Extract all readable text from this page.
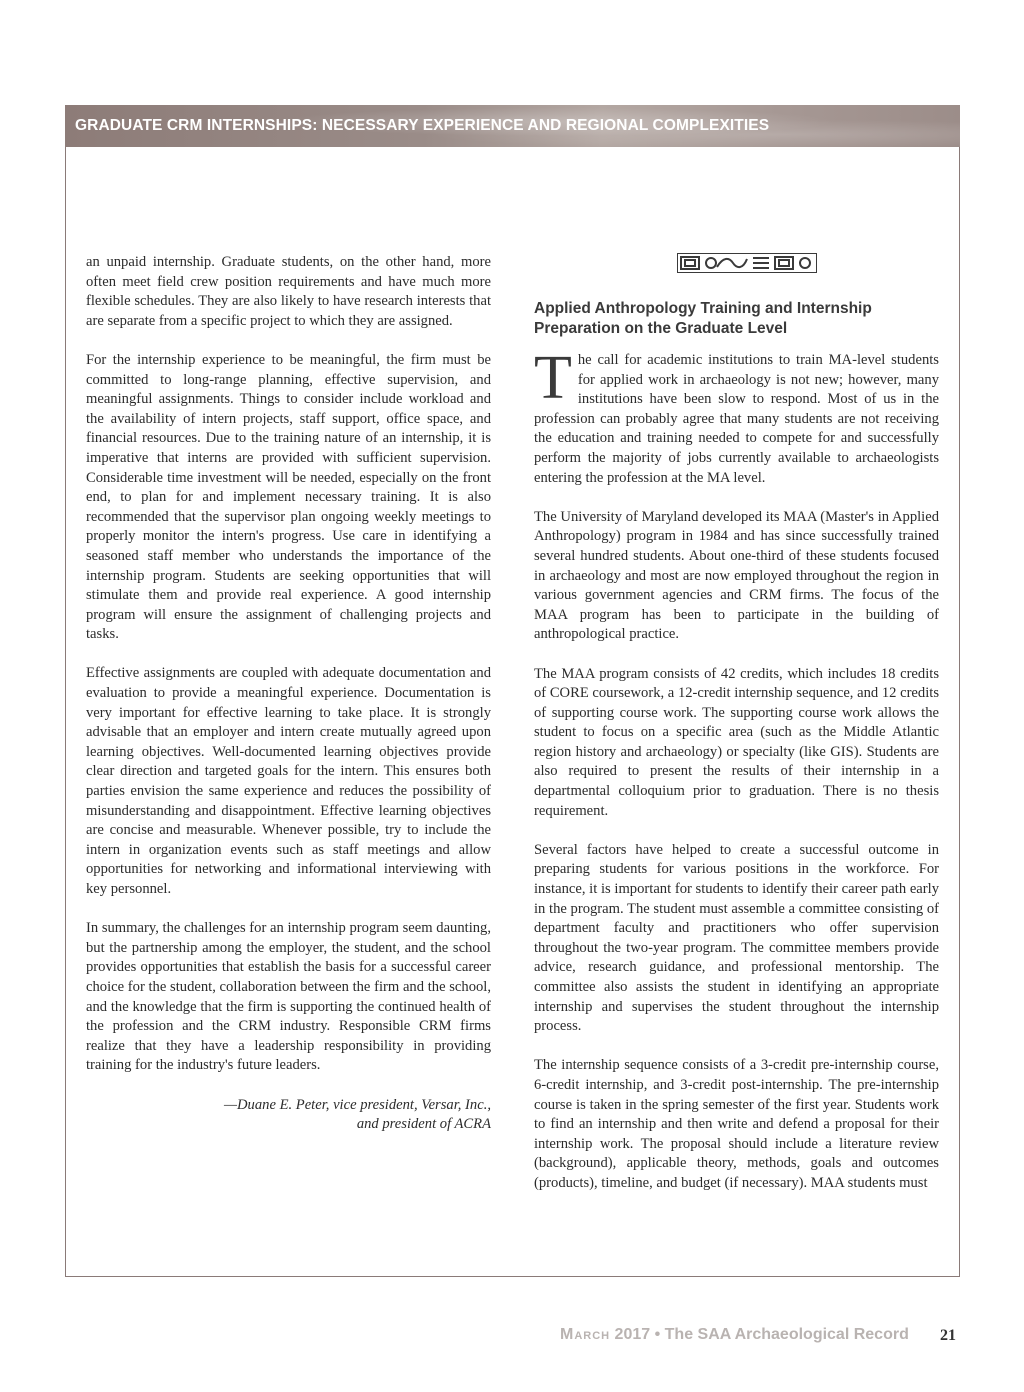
GRADUATE CRM INTERNSHIPS: NECESSARY EXPERIENCE AND REGIONAL COMPLEXITIES

an unpaid internship. Graduate students, on the other hand, more often meet field crew position requirements and have much more flexible schedules. They are also likely to have research interests that are separate from a specific project to which they are assigned.

For the internship experience to be meaningful, the firm must be committed to long-range planning, effective supervision, and meaningful assignments. Things to consider include workload and the availability of intern projects, staff support, office space, and financial resources. Due to the training nature of an internship, it is imperative that interns are provided with sufficient supervision. Considerable time investment will be needed, especially on the front end, to plan for and implement necessary training. It is also recommended that the supervisor plan ongoing weekly meetings to properly monitor the intern's progress. Use care in identifying a seasoned staff member who understands the importance of the internship program. Students are seeking opportunities that will stimulate them and provide real experience. A good internship program will ensure the assignment of challenging projects and tasks.

Effective assignments are coupled with adequate documentation and evaluation to provide a meaningful experience. Documentation is very important for effective learning to take place. It is strongly advisable that an employer and intern create mutually agreed upon learning objectives. Well-documented learning objectives provide clear direction and targeted goals for the intern. This ensures both parties envision the same experience and reduces the possibility of misunderstanding and disappointment. Effective learning objectives are concise and measurable. Whenever possible, try to include the intern in organization events such as staff meetings and allow opportunities for networking and informational interviewing with key personnel.

In summary, the challenges for an internship program seem daunting, but the partnership among the employer, the student, and the school provides opportunities that establish the basis for a successful career choice for the student, collaboration between the firm and the school, and the knowledge that the firm is supporting the continued health of the profession and the CRM industry. Responsible CRM firms realize that they have a leadership responsibility in providing training for the industry's future leaders.

—Duane E. Peter, vice president, Versar, Inc.,
and president of ACRA
Applied Anthropology Training and Internship Preparation on the Graduate Level

The call for academic institutions to train MA-level students for applied work in archaeology is not new; however, many institutions have been slow to respond. Most of us in the profession can probably agree that many students are not receiving the education and training needed to compete for and successfully perform the majority of jobs currently available to archaeologists entering the profession at the MA level.

The University of Maryland developed its MAA (Master's in Applied Anthropology) program in 1984 and has since successfully trained several hundred students. About one-third of these students focused in archaeology and most are now employed throughout the region in various government agencies and CRM firms. The focus of the MAA program has been to participate in the building of anthropological practice.

The MAA program consists of 42 credits, which includes 18 credits of CORE coursework, a 12-credit internship sequence, and 12 credits of supporting course work. The supporting course work allows the student to focus on a specific area (such as the Middle Atlantic region history and archaeology) or specialty (like GIS). Students are also required to present the results of their internship in a departmental colloquium prior to graduation. There is no thesis requirement.

Several factors have helped to create a successful outcome in preparing students for various positions in the workforce. For instance, it is important for students to identify their career path early in the program. The student must assemble a committee consisting of department faculty and practitioners who offer supervision throughout the two-year program. The committee members provide advice, research guidance, and professional mentorship. The committee also assists the student in identifying an appropriate internship and supervises the student throughout the internship process.

The internship sequence consists of a 3-credit pre-internship course, 6-credit internship, and 3-credit post-internship. The pre-internship course is taken in the spring semester of the first year. Students work to find an internship and then write and defend a proposal for their internship work. The proposal should include a literature review (background), applicable theory, methods, goals and outcomes (products), timeline, and budget (if necessary). MAA students must

March 2017 • The SAA Archaeological Record 21
